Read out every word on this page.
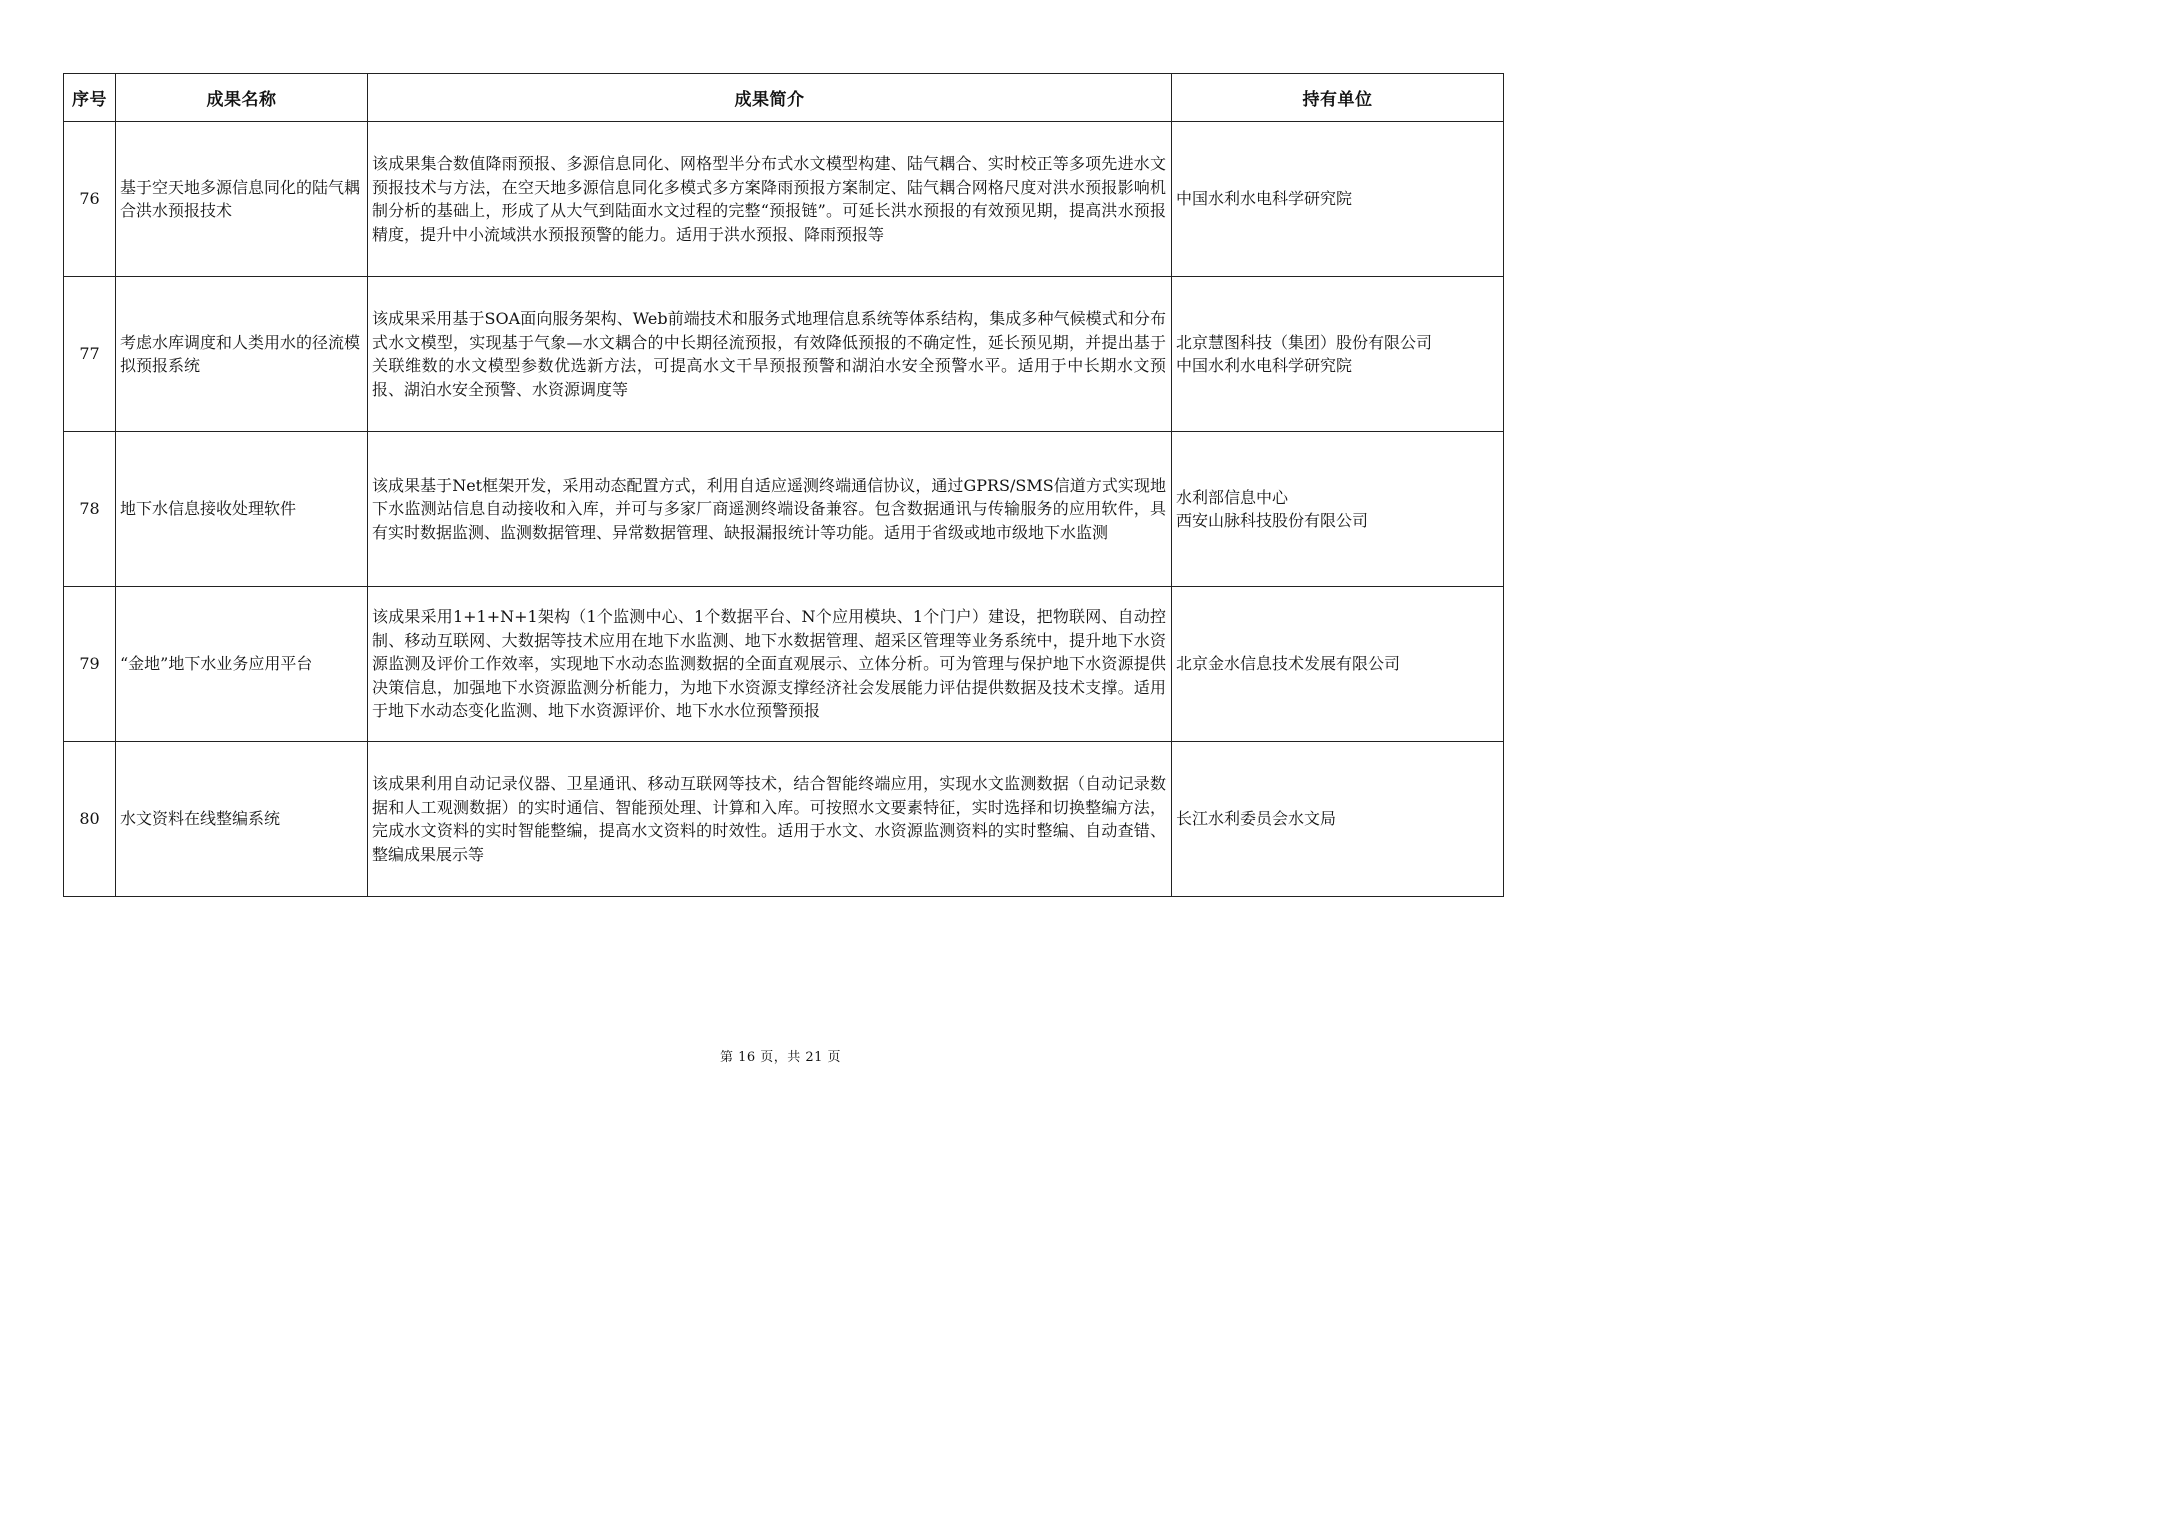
序号	成果名称	成果简介	持有单位
76	基于空天地多源信息同化的陆气耦合洪水预报技术	该成果集合数值降雨预报、多源信息同化、网格型半分布式水文模型构建、陆气耦合、实时校正等多项先进水文预报技术与方法，在空天地多源信息同化多模式多方案降雨预报方案制定、陆气耦合网格尺度对洪水预报影响机制分析的基础上，形成了从大气到陆面水文过程的完整“预报链”。可延长洪水预报的有效预见期，提高洪水预报精度，提升中小流域洪水预报预警的能力。适用于洪水预报、降雨预报等	中国水利水电科学研究院

77	考虑水库调度和人类用水的径流模拟预报系统	该成果采用基于SOA面向服务架构、Web前端技术和服务式地理信息系统等体系结构，集成多种气候模式和分布式水文模型，实现基于气象—水文耦合的中长期径流预报，有效降低预报的不确定性，延长预见期，并提出基于关联维数的水文模型参数优选新方法，可提高水文干旱预报预警和湖泊水安全预警水平。适用于中长期水文预报、湖泊水安全预警、水资源调度等	北京慧图科技（集团）股份有限公司
中国水利水电科学研究院

78	地下水信息接收处理软件	该成果基于Net框架开发，采用动态配置方式，利用自适应遥测终端通信协议，通过GPRS/SMS信道方式实现地下水监测站信息自动接收和入库，并可与多家厂商遥测终端设备兼容。包含数据通讯与传输服务的应用软件，具有实时数据监测、监测数据管理、异常数据管理、缺报漏报统计等功能。适用于省级或地市级地下水监测	水利部信息中心
西安山脉科技股份有限公司

79	“金地”地下水业务应用平台	该成果采用1+1+N+1架构（1个监测中心、1个数据平台、N个应用模块、1个门户）建设，把物联网、自动控制、移动互联网、大数据等技术应用在地下水监测、地下水数据管理、超采区管理等业务系统中，提升地下水资源监测及评价工作效率，实现地下水动态监测数据的全面直观展示、立体分析。可为管理与保护地下水资源提供决策信息，加强地下水资源监测分析能力，为地下水资源支撑经济社会发展能力评估提供数据及技术支撑。适用于地下水动态变化监测、地下水资源评价、地下水水位预警预报	北京金水信息技术发展有限公司

80	水文资料在线整编系统	该成果利用自动记录仪器、卫星通讯、移动互联网等技术，结合智能终端应用，实现水文监测数据（自动记录数据和人工观测数据）的实时通信、智能预处理、计算和入库。可按照水文要素特征，实时选择和切换整编方法，完成水文资料的实时智能整编，提高水文资料的时效性。适用于水文、水资源监测资料的实时整编、自动查错、整编成果展示等	长江水利委员会水文局
第 16 页，共 21 页
